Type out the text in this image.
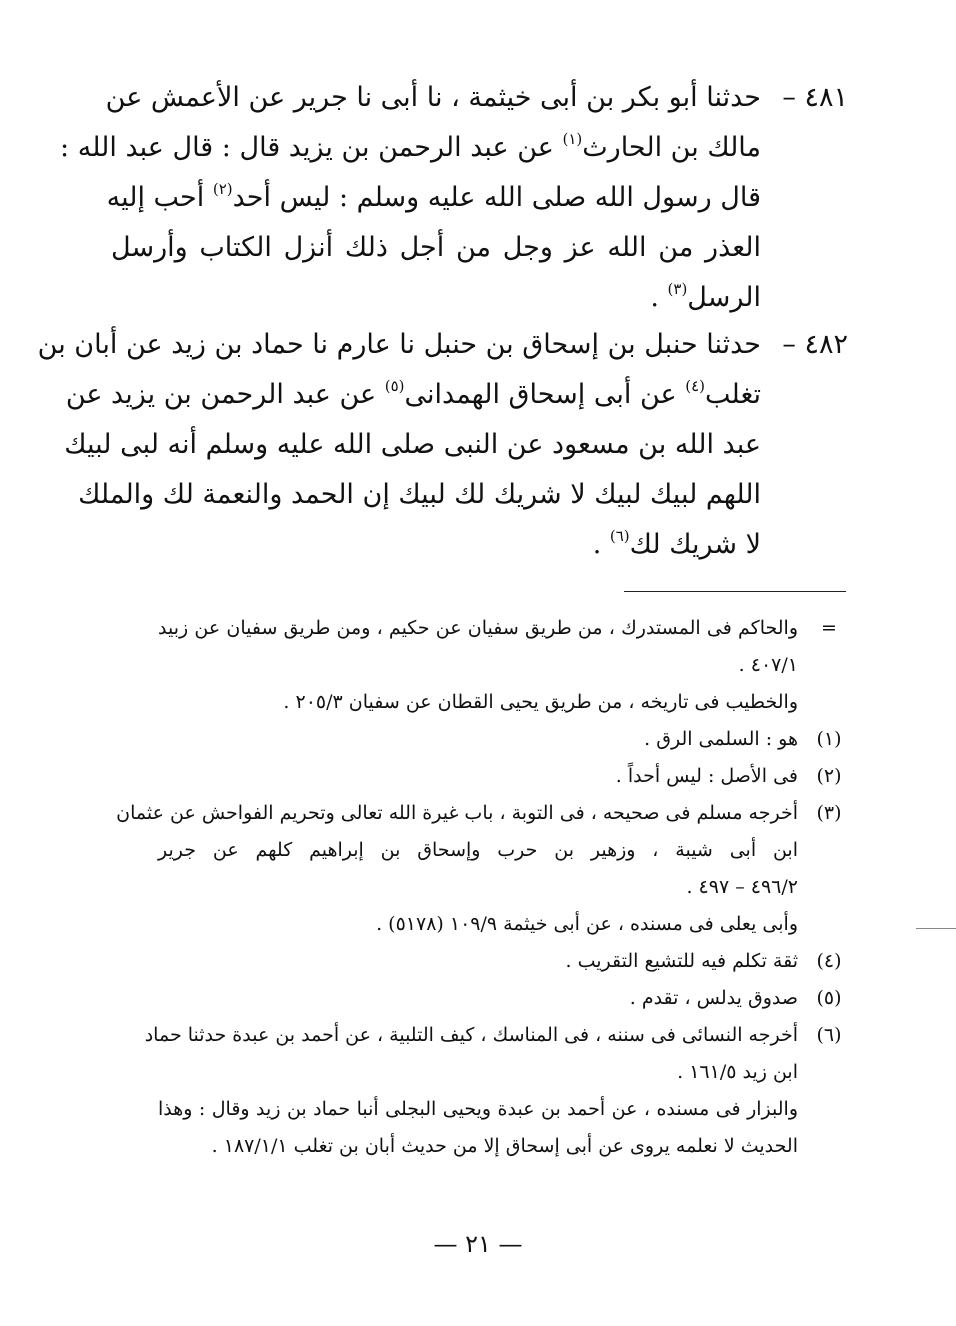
٤٨١ –
حدثنا أبو بكر بن أبى خيثمة ، نا أبى نا جرير عن الأعمش عن
مالك بن الحارث$^{(١)}$ عن عبد الرحمن بن يزيد قال : قال عبد الله :
قال رسول الله صلى الله عليه وسلم : ليس أحد$^{(٢)}$ أحب إليه
العذر من الله عز وجل من أجل ذلك أنزل الكتاب وأرسل
الرسل$^{(٣)}$ .
٤٨٢ –
حدثنا حنبل بن إسحاق بن حنبل نا عارم نا حماد بن زيد عن أبان بن
تغلب$^{(٤)}$ عن أبى إسحاق الهمدانى$^{(٥)}$ عن عبد الرحمن بن يزيد عن
عبد الله بن مسعود عن النبى صلى الله عليه وسلم أنه لبى لبيك
اللهم لبيك لبيك لا شريك لك لبيك إن الحمد والنعمة لك والملك
لا شريك لك$^{(٦)}$ .
=
والحاكم فى المستدرك ، من طريق سفيان عن حكيم ، ومن طريق سفيان عن زبيد
٤٠٧/١ .
والخطيب فى تاريخه ، من طريق يحيى القطان عن سفيان ٢٠٥/٣ .
(١)
هو : السلمى الرق .
(٢)
فى الأصل : ليس أحداً .
(٣)
أخرجه مسلم فى صحيحه ، فى التوبة ، باب غيرة الله تعالى وتحريم الفواحش عن عثمان
ابن أبى شيبة ، وزهير بن حرب وإسحاق بن إبراهيم كلهم عن جرير
٤٩٦/٢ – ٤٩٧ .
وأبى يعلى فى مسنده ، عن أبى خيثمة ١٠٩/٩ (٥١٧٨) .
(٤)
ثقة تكلم فيه للتشيع التقريب .
(٥)
صدوق يدلس ، تقدم .
(٦)
أخرجه النسائى فى سننه ، فى المناسك ، كيف التلبية ، عن أحمد بن عبدة حدثنا حماد
ابن زيد ١٦١/٥ .
والبزار فى مسنده ، عن أحمد بن عبدة ويحيى البجلى أنبا حماد بن زيد وقال : وهذا
الحديث لا نعلمه يروى عن أبى إسحاق إلا من حديث أبان بن تغلب ١٨٧/١/١ .
— ٢١ —
